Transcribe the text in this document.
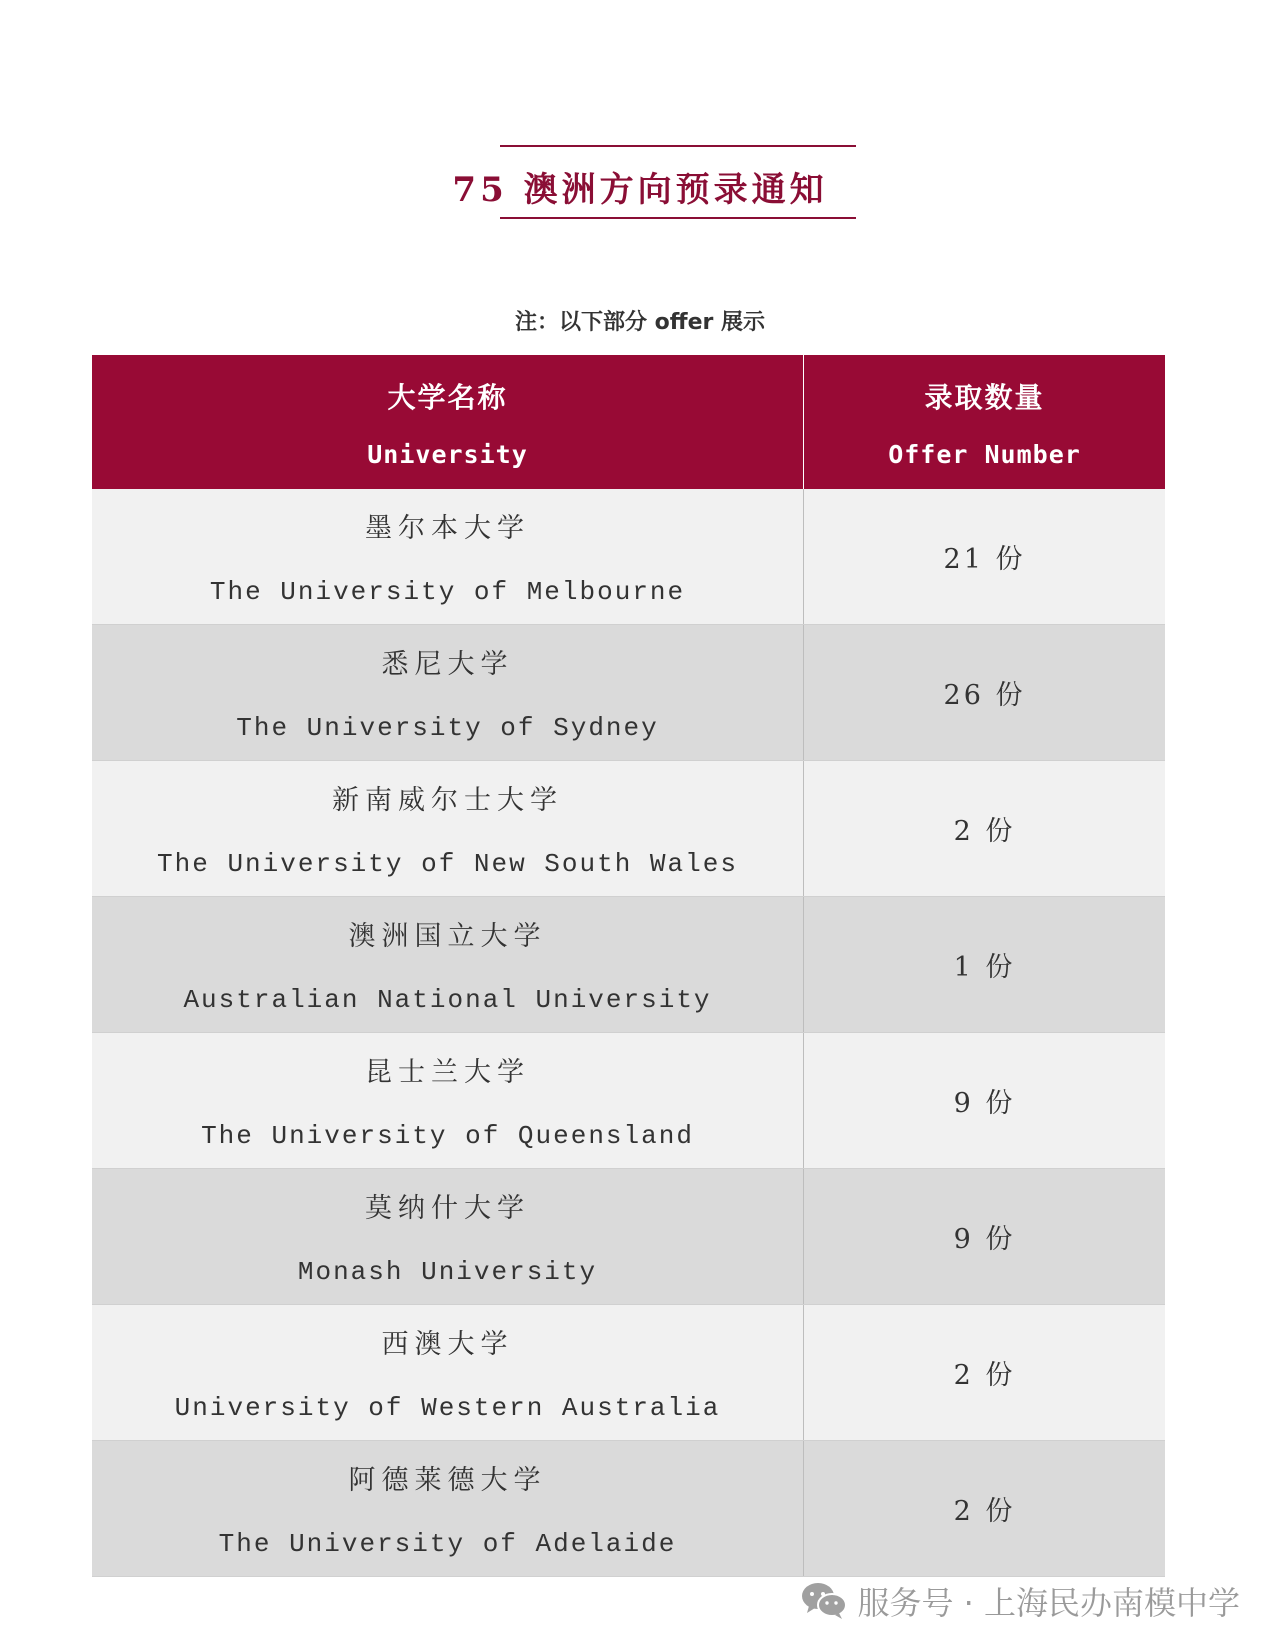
75 澳洲方向预录通知
注：以下部分 offer 展示
大学名称
University
录取数量
Offer Number
墨尔本大学
The University of Melbourne
21 份
悉尼大学
The University of Sydney
26 份
新南威尔士大学
The University of New South Wales
2 份
澳洲国立大学
Australian National University
1 份
昆士兰大学
The University of Queensland
9 份
莫纳什大学
Monash University
9 份
西澳大学
University of Western Australia
2 份
阿德莱德大学
The University of Adelaide
2 份
服务号 · 上海民办南模中学
